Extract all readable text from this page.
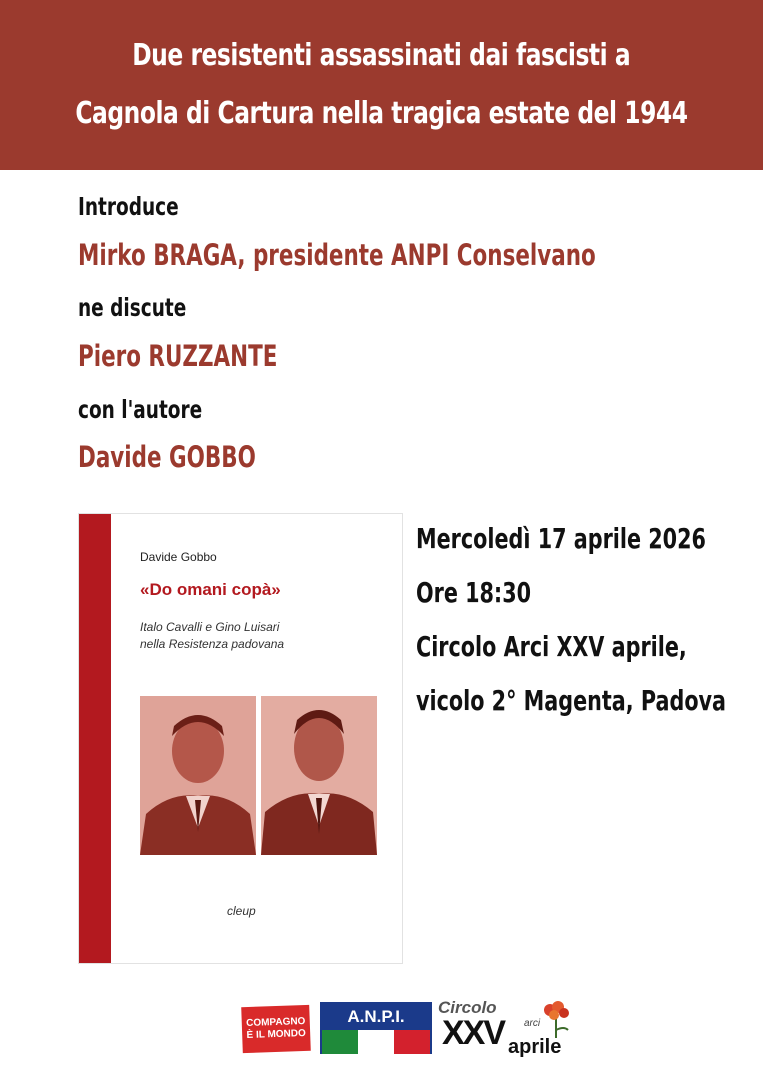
Due resistenti assassinati dai fascisti a
Cagnola di Cartura nella tragica estate del 1944
Introduce
Mirko BRAGA, presidente ANPI Conselvano
ne discute
Piero RUZZANTE
con l'autore
Davide GOBBO
Davide Gobbo
«Do omani copà»
Italo Cavalli e Gino Luisari
nella Resistenza padovana
cleup
Mercoledì 17 aprile 2026
Ore 18:30
Circolo Arci XXV aprile,
vicolo 2° Magenta, Padova
COMPAGNO
È IL MONDO
A.N.P.I.	Circolo
XXV aprile
arci
